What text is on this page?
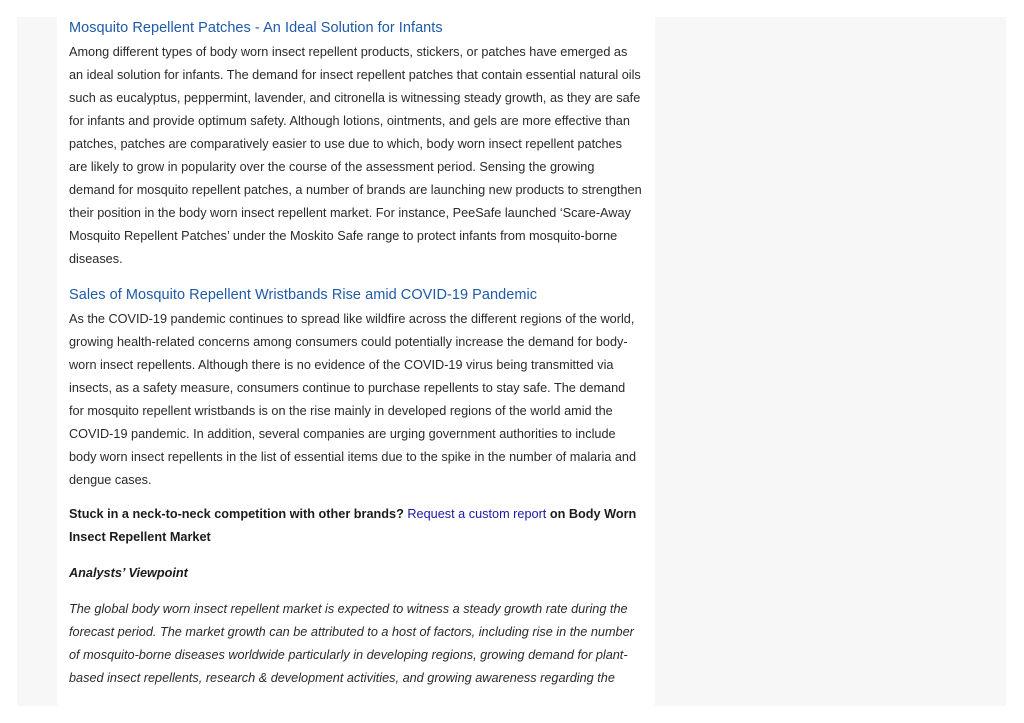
Mosquito Repellent Patches - An Ideal Solution for Infants

Among different types of body worn insect repellent products, stickers, or patches have emerged as an ideal solution for infants. The demand for insect repellent patches that contain essential natural oils such as eucalyptus, peppermint, lavender, and citronella is witnessing steady growth, as they are safe for infants and provide optimum safety. Although lotions, ointments, and gels are more effective than patches, patches are comparatively easier to use due to which, body worn insect repellent patches are likely to grow in popularity over the course of the assessment period. Sensing the growing demand for mosquito repellent patches, a number of brands are launching new products to strengthen their position in the body worn insect repellent market. For instance, PeeSafe launched ‘Scare-Away Mosquito Repellent Patches’ under the Moskito Safe range to protect infants from mosquito-borne diseases.

Sales of Mosquito Repellent Wristbands Rise amid COVID-19 Pandemic

As the COVID-19 pandemic continues to spread like wildfire across the different regions of the world, growing health-related concerns among consumers could potentially increase the demand for body-worn insect repellents. Although there is no evidence of the COVID-19 virus being transmitted via insects, as a safety measure, consumers continue to purchase repellents to stay safe. The demand for mosquito repellent wristbands is on the rise mainly in developed regions of the world amid the COVID-19 pandemic. In addition, several companies are urging government authorities to include body worn insect repellents in the list of essential items due to the spike in the number of malaria and dengue cases.

Stuck in a neck-to-neck competition with other brands? Request a custom report on Body Worn Insect Repellent Market

Analysts’ Viewpoint

The global body worn insect repellent market is expected to witness a steady growth rate during the forecast period. The market growth can be attributed to a host of factors, including rise in the number of mosquito-borne diseases worldwide particularly in developing regions, growing demand for plant-based insect repellents, research & development activities, and growing awareness regarding the
